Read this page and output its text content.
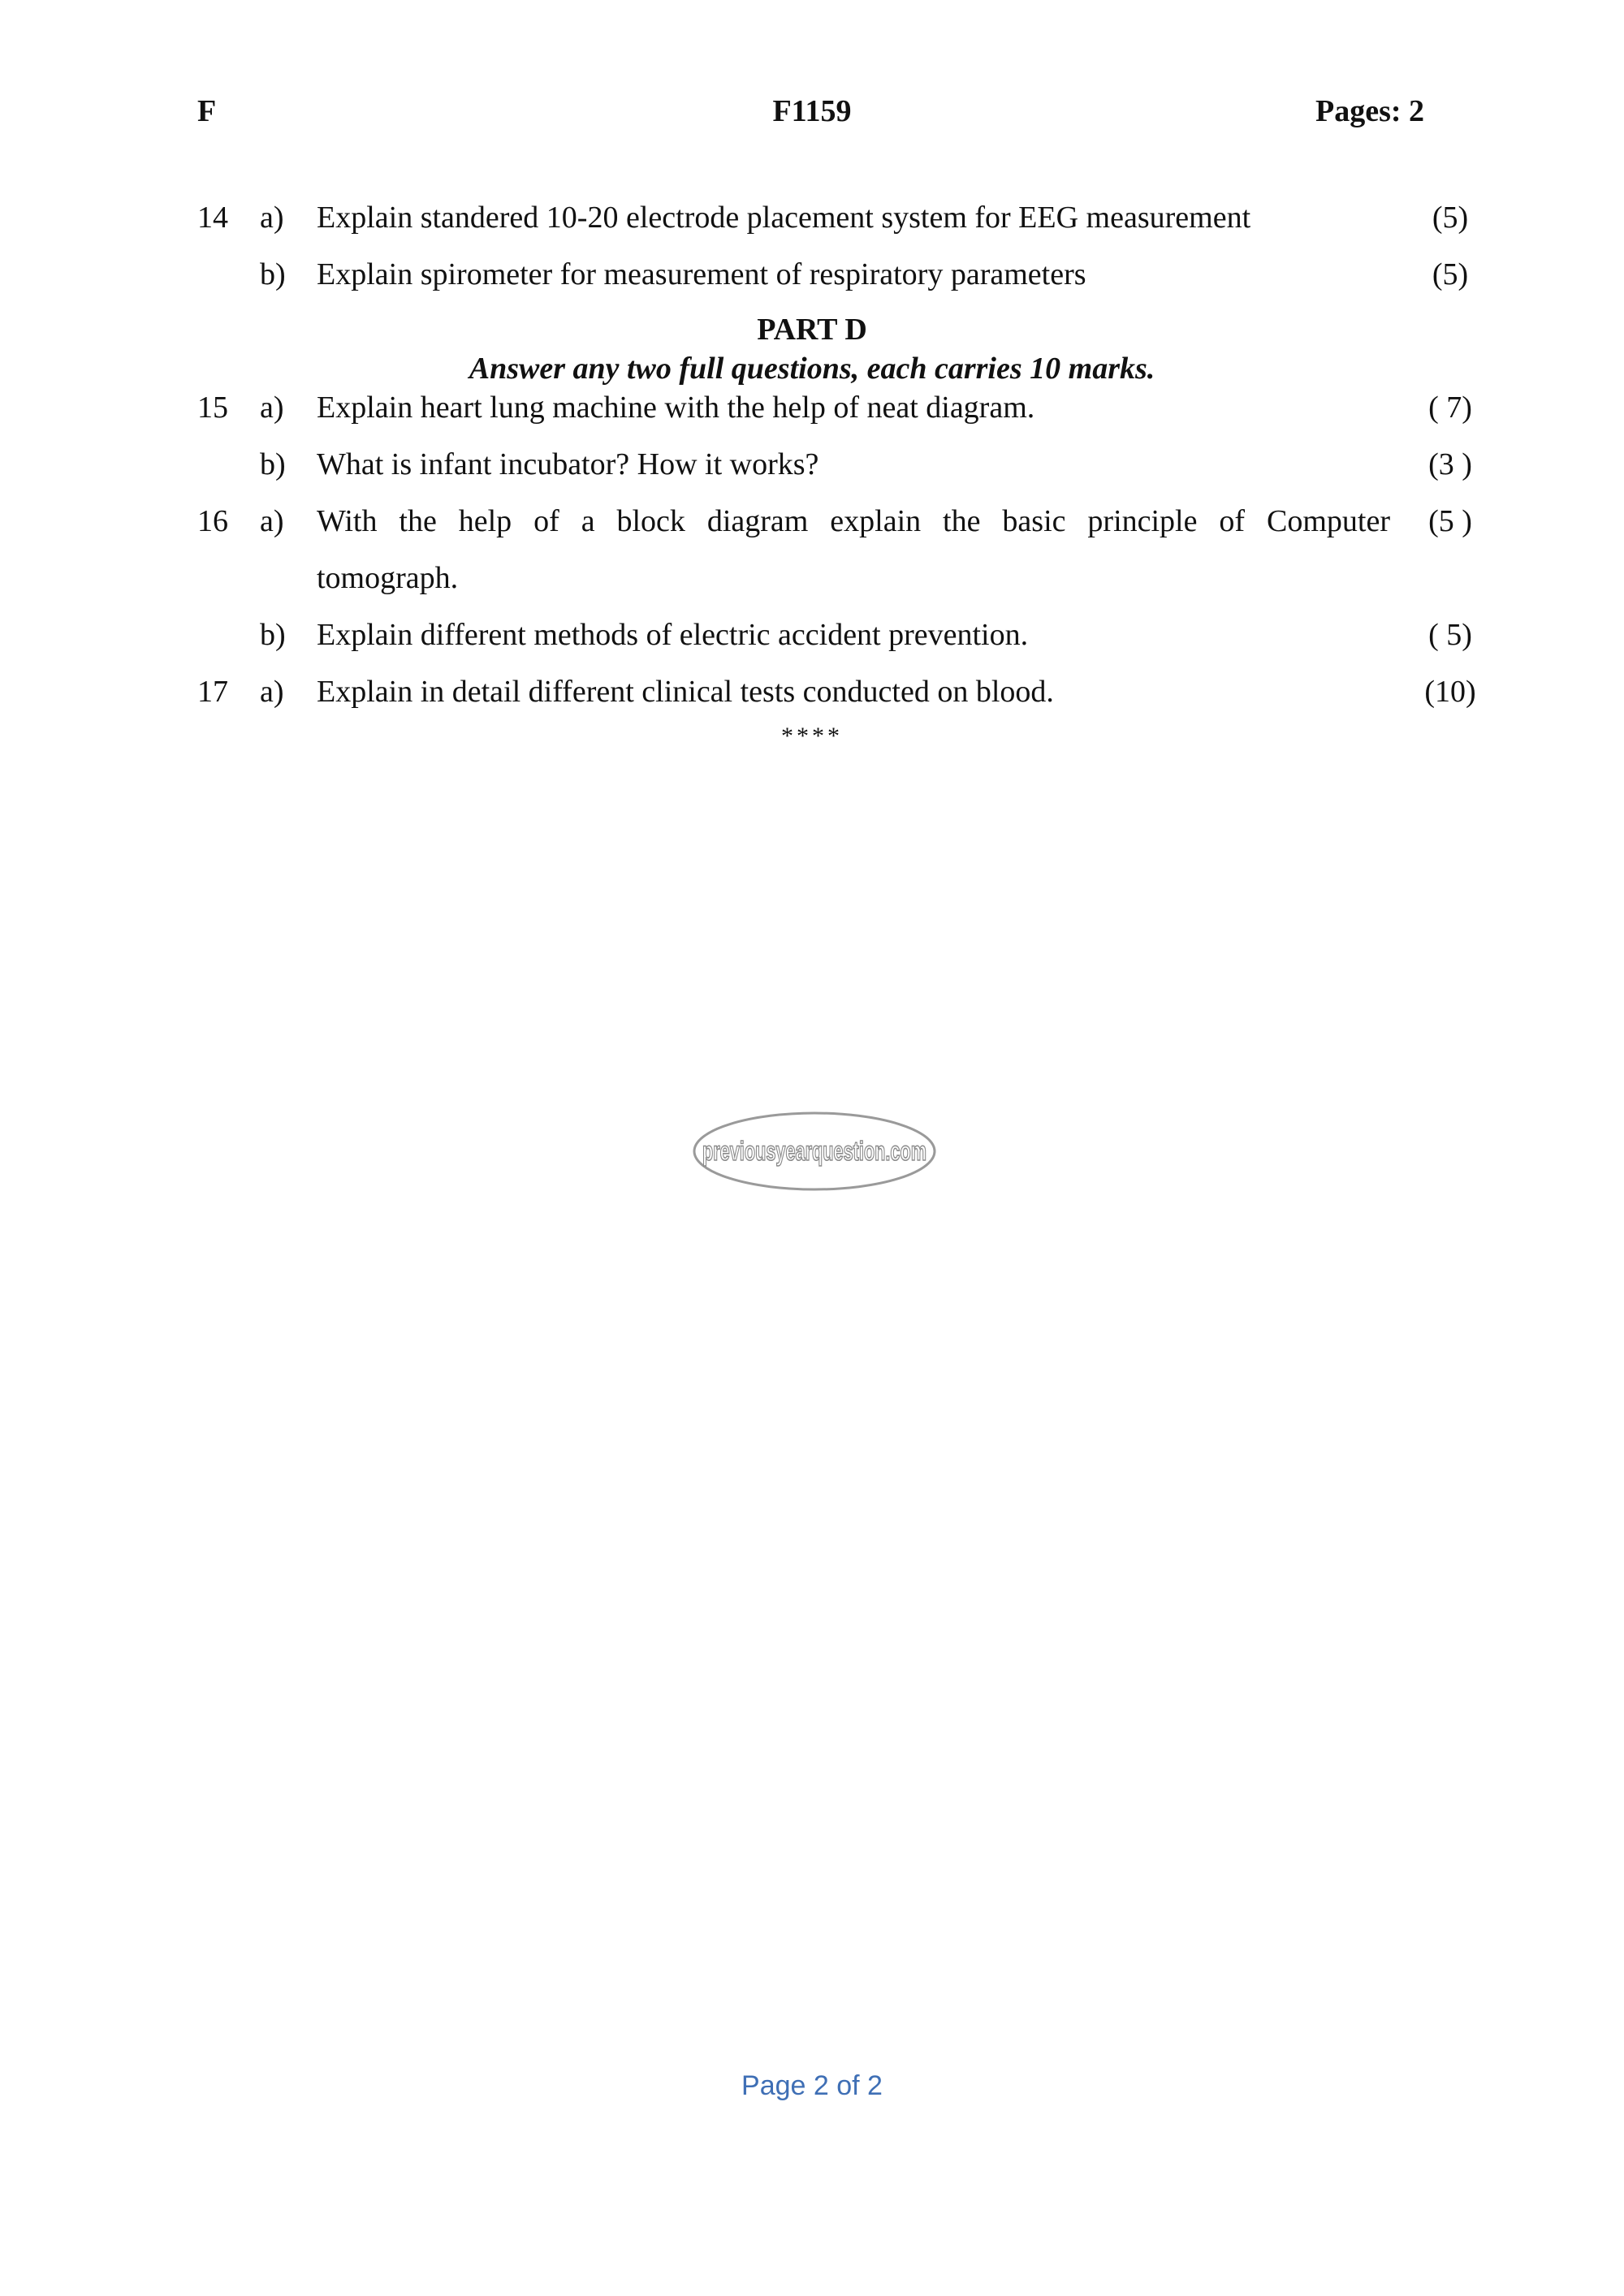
F	F1159	Pages: 2
14	a)	Explain standered 10-20 electrode placement system for EEG measurement	(5)
b)	Explain spirometer for measurement of respiratory parameters	(5)
PART D
Answer any two full questions, each carries 10 marks.
15	a)	Explain heart lung machine with the help of neat diagram.	( 7)
b)	What is infant incubator? How it works?	(3 )
16	a)	With the help of a block diagram explain the basic principle of Computer	(5 )
tomograph.
b)	Explain different methods of electric accident prevention.	( 5)
17	a)	Explain in detail different clinical tests conducted on blood.	(10)
****
previousyearquestion.com
Page 2 of 2
